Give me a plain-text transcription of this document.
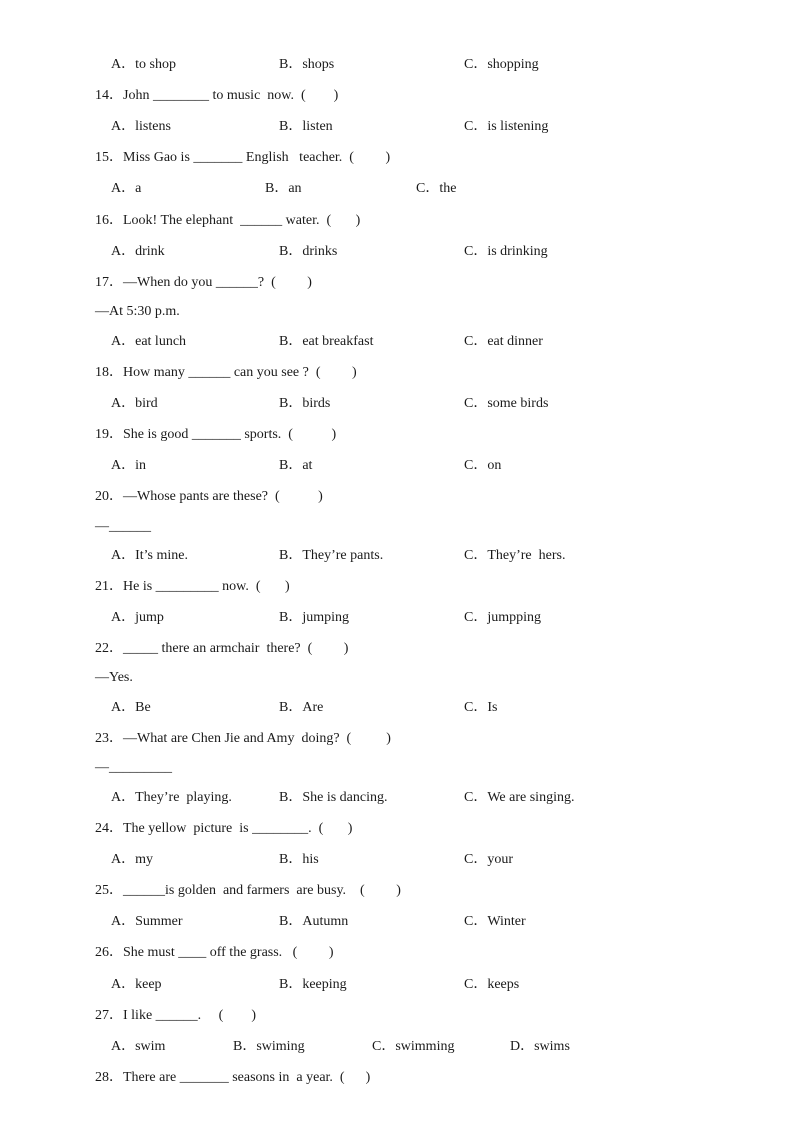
A．to shop	B．shops	C．shopping
14．John ________ to music  now.  (        )
A．listens	B．listen	C．is listening
15．Miss Gao is _______ English   teacher.  (         )
A．a	B．an	C．the
16．Look! The elephant  ______ water.  (       )
A．drink	B．drinks	C．is drinking
17．—When do you ______?  (         )
—At 5:30 p.m.
A．eat lunch	B．eat breakfast	C．eat dinner
18．How many ______ can you see ?  (         )
A．bird	B．birds	C．some birds
19．She is good _______ sports.  (           )
A．in	B．at	C．on
20．—Whose pants are these?  (           )
—______
A．It’s mine.	B．They’re pants.	C．They’re  hers.
21．He is _________ now.  (       )
A．jump	B．jumping	C．jumpping
22．_____ there an armchair  there?  (         )
—Yes.
A．Be	B．Are	C．Is
23．—What are Chen Jie and Amy  doing?  (          )
—_________
A．They’re  playing.	B．She is dancing.	C．We are singing.
24．The yellow  picture  is ________.  (       )
A．my	B．his	C．your
25．______is golden  and farmers  are busy.    (         )
A．Summer	B．Autumn	C．Winter
26．She must ____ off the grass.   (         )
A．keep	B．keeping	C．keeps
27．I like ______.     (        )
A．swim	B．swiming	C．swimming	D．swims
28．There are _______ seasons in  a year.  (      )
